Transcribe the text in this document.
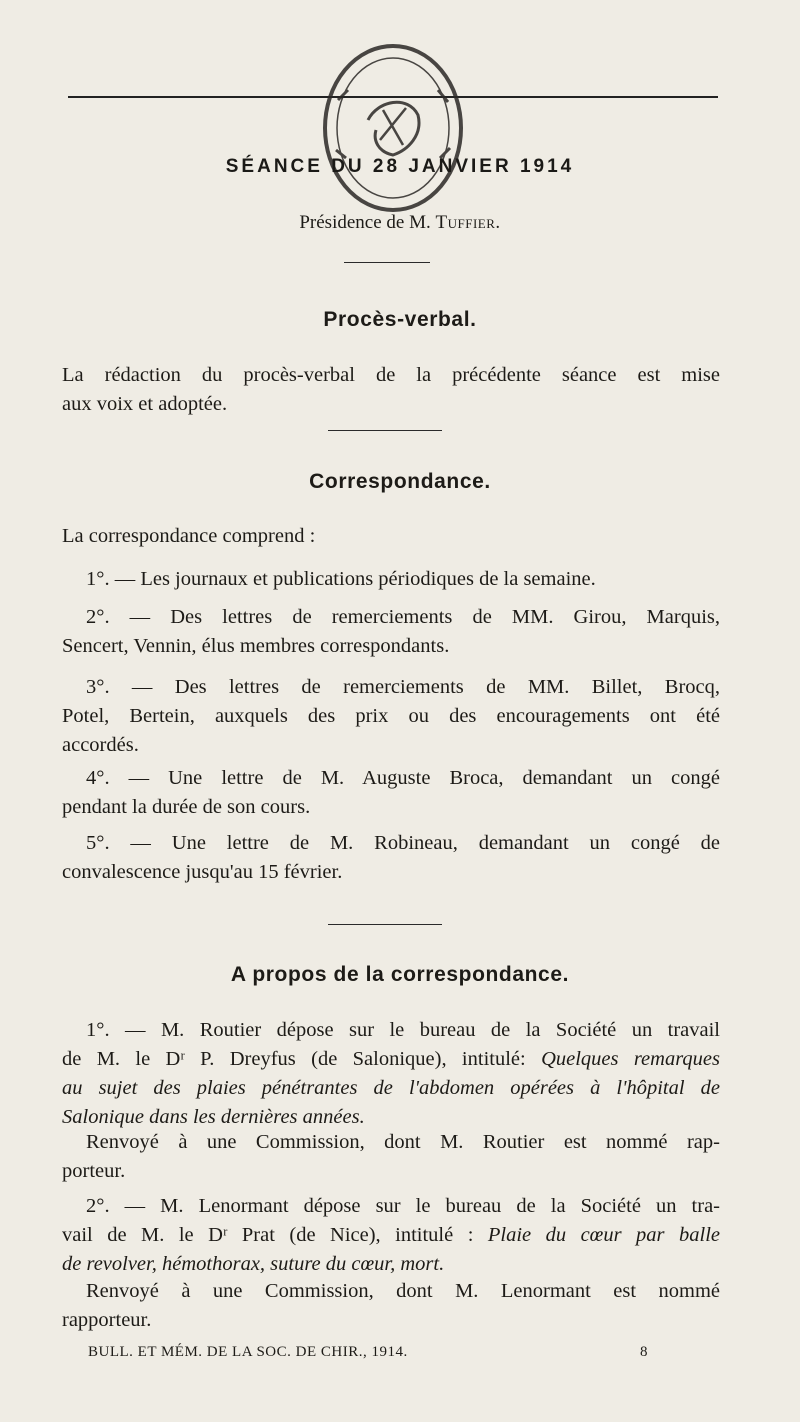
SÉANCE DU 28 JANVIER 1914
Présidence de M. Tuffier.
Procès-verbal.
La rédaction du procès-verbal de la précédente séance est mise
aux voix et adoptée.
Correspondance.
La correspondance comprend :
1°. — Les journaux et publications périodiques de la semaine.
2°. — Des lettres de remerciements de MM. Girou, Marquis,
Sencert, Vennin, élus membres correspondants.
3°. — Des lettres de remerciements de MM. Billet, Brocq,
Potel, Bertein, auxquels des prix ou des encouragements ont été
accordés.
4°. — Une lettre de M. Auguste Broca, demandant un congé
pendant la durée de son cours.
5°. — Une lettre de M. Robineau, demandant un congé de
convalescence jusqu'au 15 février.
A propos de la correspondance.
1°. — M. Routier dépose sur le bureau de la Société un travail
de M. le Dʳ P. Dreyfus (de Salonique), intitulé: Quelques remarques
au sujet des plaies pénétrantes de l'abdomen opérées à l'hôpital de
Salonique dans les dernières années.
Renvoyé à une Commission, dont M. Routier est nommé rap-
porteur.
2°. — M. Lenormant dépose sur le bureau de la Société un tra-
vail de M. le Dʳ Prat (de Nice), intitulé : Plaie du cœur par balle
de revolver, hémothorax, suture du cœur, mort.
Renvoyé à une Commission, dont M. Lenormant est nommé
rapporteur.
BULL. ET MÉM. DE LA SOC. DE CHIR., 1914.	8
